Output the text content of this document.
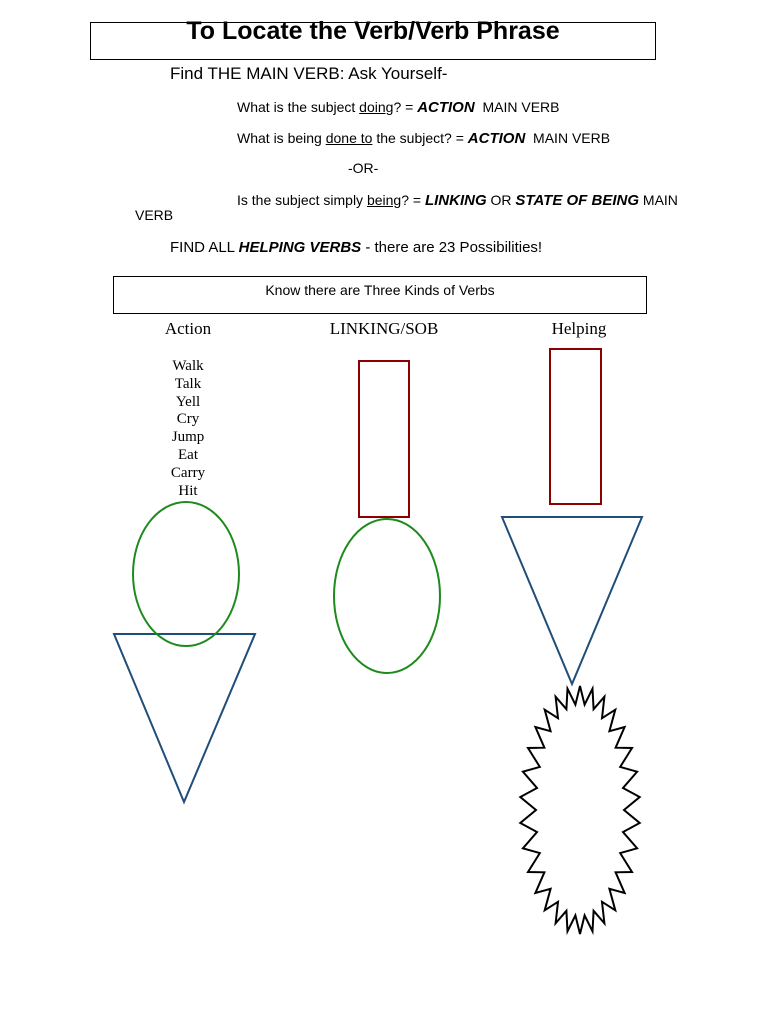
To Locate the Verb/Verb Phrase
Find THE MAIN VERB: Ask Yourself-
What is the subject doing? = ACTION  MAIN VERB
What is being done to the subject? = ACTION  MAIN VERB
-OR-
Is the subject simply being? = LINKING OR STATE OF BEING MAIN
VERB
FIND ALL HELPING VERBS - there are 23 Possibilities!
Know there are Three Kinds of Verbs
Action	LINKING/SOB	Helping
Walk
Talk
Yell
Cry
Jump
Eat
Carry
Hit
